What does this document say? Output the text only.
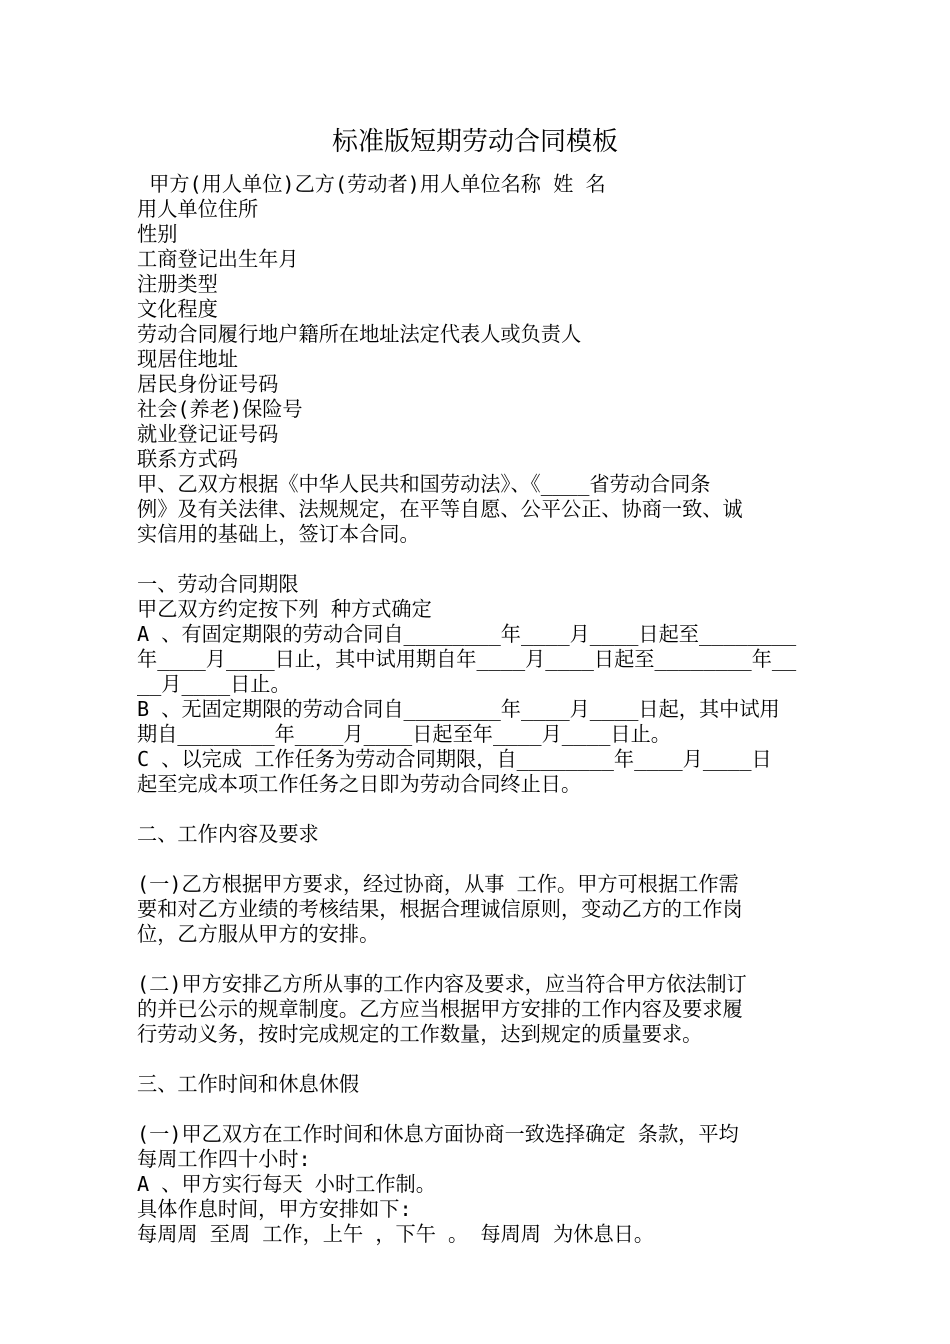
标准版短期劳动合同模板
甲方(用人单位)乙方(劳动者)用人单位名称 姓 名
用人单位住所
性别
工商登记出生年月
注册类型
文化程度
劳动合同履行地户籍所在地址法定代表人或负责人
现居住地址
居民身份证号码
社会(养老)保险号
就业登记证号码
联系方式码
甲、乙双方根据《中华人民共和国劳动法》、《____省劳动合同条
例》及有关法律、法规规定，在平等自愿、公平公正、协商一致、诚
实信用的基础上，签订本合同。
一、劳动合同期限
甲乙双方约定按下列 种方式确定
A 、有固定期限的劳动合同自________年____月____日起至________
年____月____日止，其中试用期自年____月____日起至________年__
__月____日止。
B 、无固定期限的劳动合同自________年____月____日起，其中试用
期自________年____月____日起至年____月____日止。
C 、以完成 工作任务为劳动合同期限，自________年____月____日
起至完成本项工作任务之日即为劳动合同终止日。
二、工作内容及要求
(一)乙方根据甲方要求，经过协商，从事 工作。甲方可根据工作需
要和对乙方业绩的考核结果，根据合理诚信原则，变动乙方的工作岗
位，乙方服从甲方的安排。
(二)甲方安排乙方所从事的工作内容及要求，应当符合甲方依法制订
的并已公示的规章制度。乙方应当根据甲方安排的工作内容及要求履
行劳动义务，按时完成规定的工作数量，达到规定的质量要求。
三、工作时间和休息休假
(一)甲乙双方在工作时间和休息方面协商一致选择确定 条款，平均
每周工作四十小时:
A 、甲方实行每天 小时工作制。
具体作息时间，甲方安排如下:
每周周 至周 工作，上午 ，下午 。 每周周 为休息日。
